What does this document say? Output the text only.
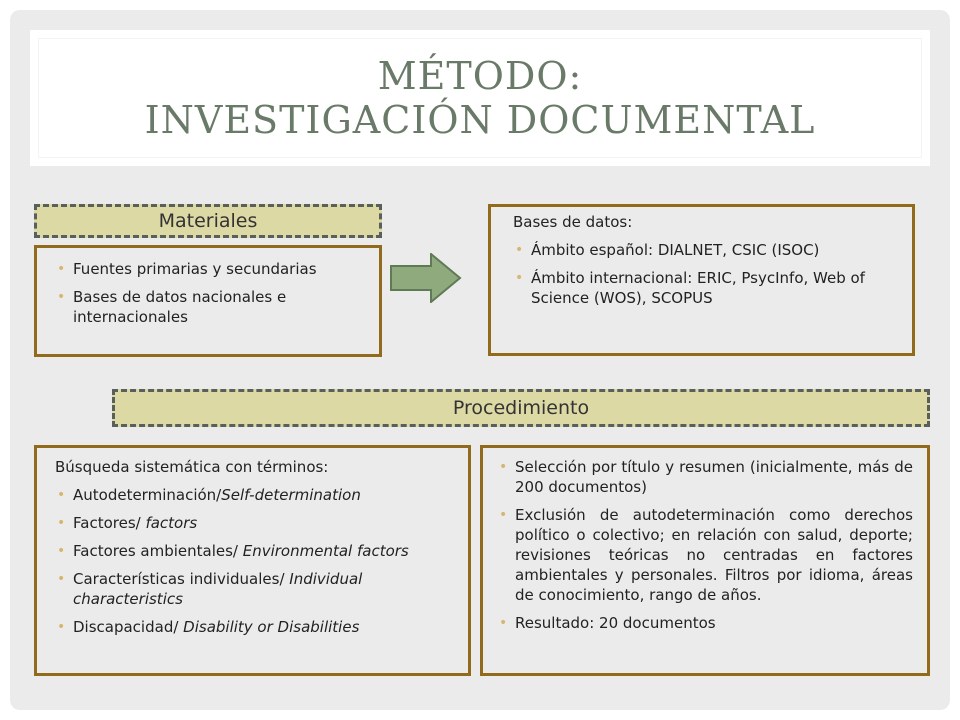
MÉTODO:
INVESTIGACIÓN DOCUMENTAL
Materiales
• Fuentes primarias y secundarias
• Bases de datos nacionales e internacionales
Bases de datos:
• Ámbito español: DIALNET, CSIC (ISOC)
• Ámbito internacional: ERIC, PsycInfo, Web of Science (WOS), SCOPUS
Procedimiento
Búsqueda sistemática con términos:
• Autodeterminación/Self-determination
• Factores/ factors
• Factores ambientales/ Environmental factors
• Características individuales/ Individual characteristics
• Discapacidad/ Disability or Disabilities
• Selección por título y resumen (inicialmente, más de 200 documentos)
• Exclusión de autodeterminación como derechos político o colectivo; en relación con salud, deporte; revisiones teóricas no centradas en factores ambientales y personales. Filtros por idioma, áreas de conocimiento, rango de años.
• Resultado: 20 documentos
